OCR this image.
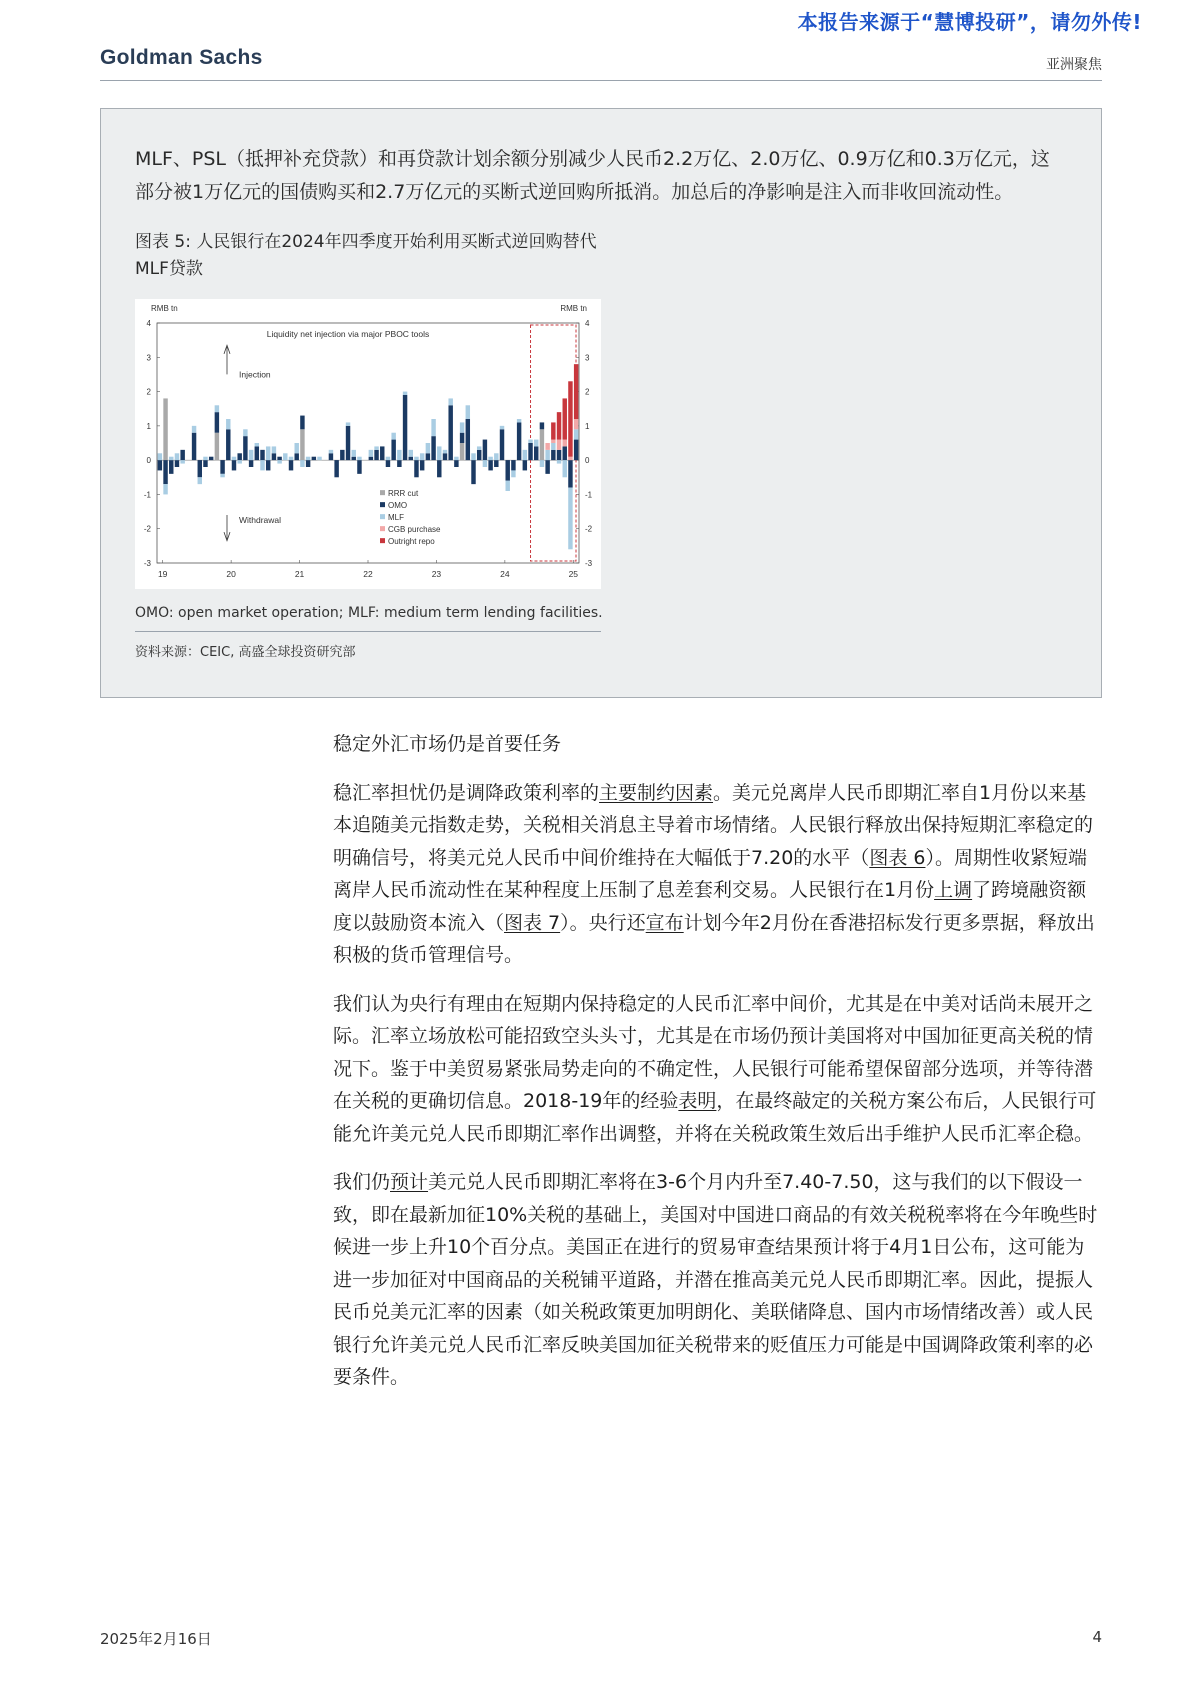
本报告来源于“慧博投研”，请勿外传!
Goldman Sachs	亚洲聚焦

MLF、PSL（抵押补充贷款）和再贷款计划余额分别减少人民币2.2万亿、2.0万亿、0.9万亿和0.3万亿元，这部分被1万亿元的国债购买和2.7万亿元的买断式逆回购所抵消。加总后的净影响是注入而非收回流动性。

图表 5: 人民银行在2024年四季度开始利用买断式逆回购替代MLF贷款
-3	-3
-2	-2
-1	-1
0	0
1	1
2	2
3	3
4	4
RMB tn	RMB tn
19	20	21	22	23	24	25
Liquidity net injection via major PBOC tools
Injection
Withdrawal
RRR cut
OMO
MLF
CGB purchase
Outright repo
OMO: open market operation; MLF: medium term lending facilities.
资料来源：CEIC, 高盛全球投资研究部
稳定外汇市场仍是首要任务

稳汇率担忧仍是调降政策利率的主要制约因素。美元兑离岸人民币即期汇率自1月份以来基本追随美元指数走势，关税相关消息主导着市场情绪。人民银行释放出保持短期汇率稳定的明确信号，将美元兑人民币中间价维持在大幅低于7.20的水平（图表 6）。周期性收紧短端离岸人民币流动性在某种程度上压制了息差套利交易。人民银行在1月份上调了跨境融资额度以鼓励资本流入（图表 7）。央行还宣布计划今年2月份在香港招标发行更多票据，释放出积极的货币管理信号。

我们认为央行有理由在短期内保持稳定的人民币汇率中间价，尤其是在中美对话尚未展开之际。汇率立场放松可能招致空头头寸，尤其是在市场仍预计美国将对中国加征更高关税的情况下。鉴于中美贸易紧张局势走向的不确定性，人民银行可能希望保留部分选项，并等待潜在关税的更确切信息。2018-19年的经验表明，在最终敲定的关税方案公布后，人民银行可能允许美元兑人民币即期汇率作出调整，并将在关税政策生效后出手维护人民币汇率企稳。

我们仍预计美元兑人民币即期汇率将在3-6个月内升至7.40-7.50，这与我们的以下假设一致，即在最新加征10%关税的基础上，美国对中国进口商品的有效关税税率将在今年晚些时候进一步上升10个百分点。美国正在进行的贸易审查结果预计将于4月1日公布，这可能为进一步加征对中国商品的关税铺平道路，并潜在推高美元兑人民币即期汇率。因此，提振人民币兑美元汇率的因素（如关税政策更加明朗化、美联储降息、国内市场情绪改善）或人民银行允许美元兑人民币汇率反映美国加征关税带来的贬值压力可能是中国调降政策利率的必要条件。

2025年2月16日	4
